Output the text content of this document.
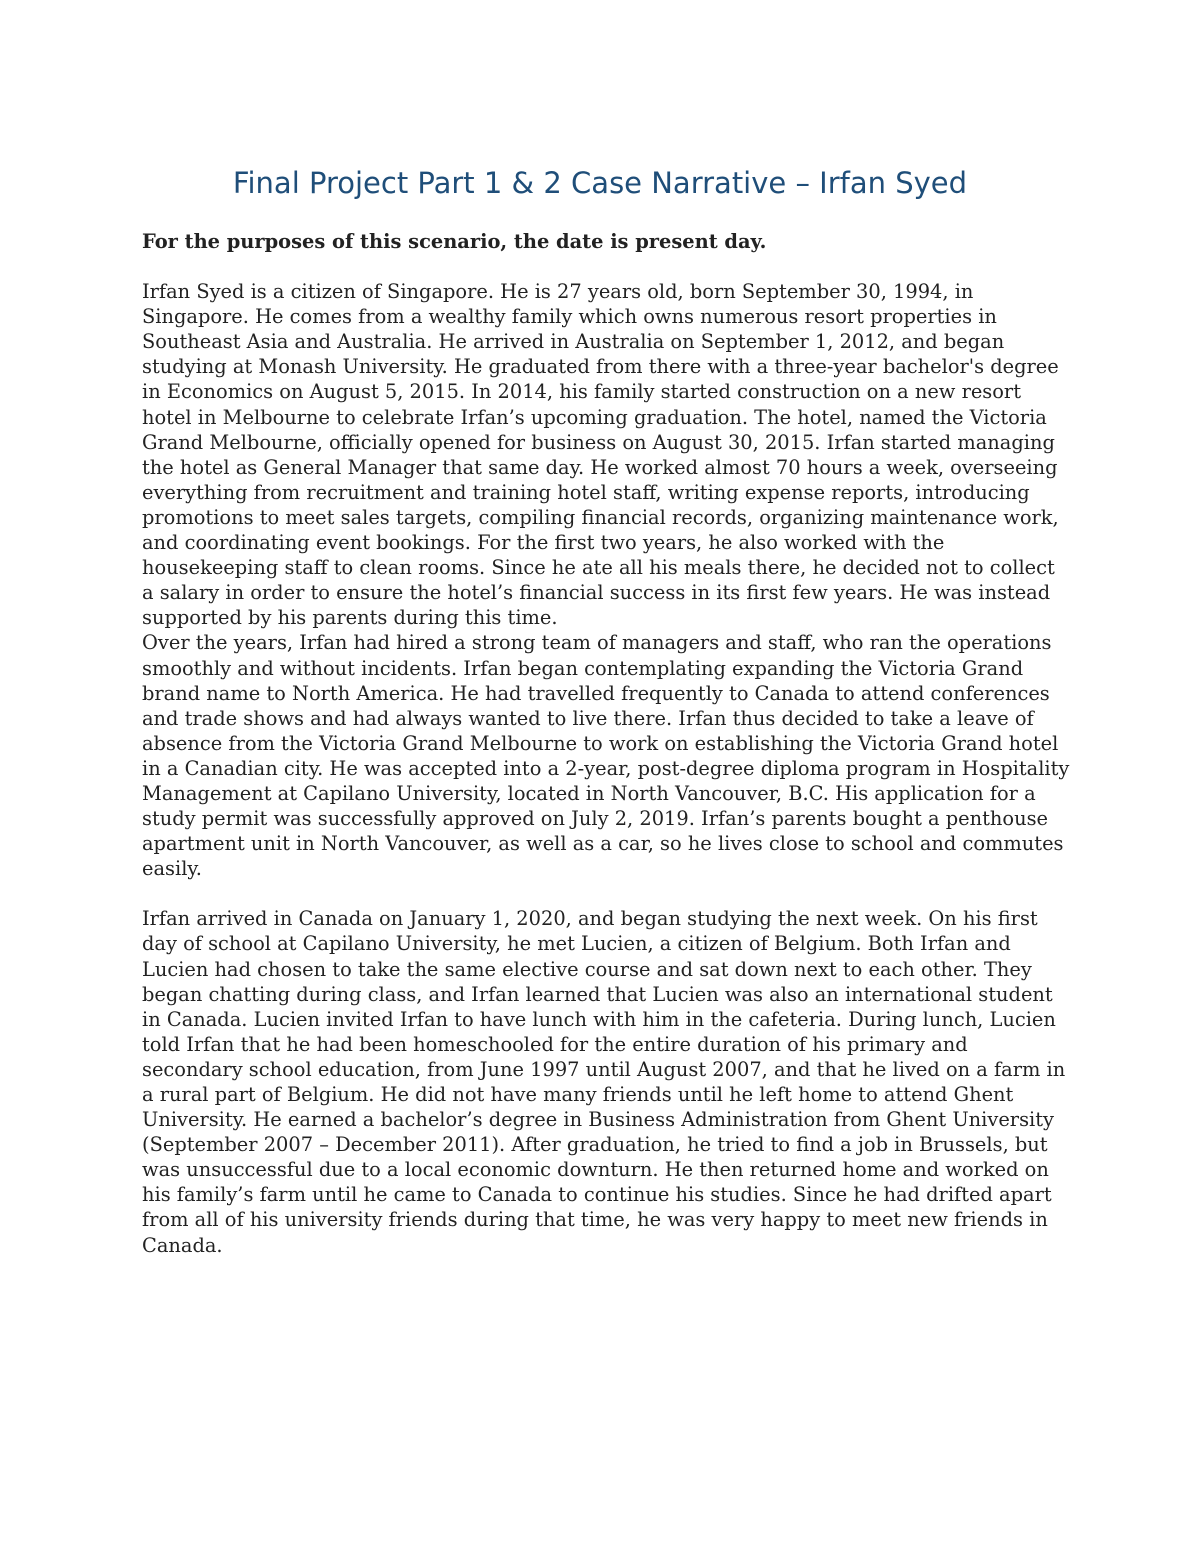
Final Project Part 1 & 2 Case Narrative – Irfan Syed

For the purposes of this scenario, the date is present day.

Irfan Syed is a citizen of Singapore. He is 27 years old, born September 30, 1994, in Singapore. He comes from a wealthy family which owns numerous resort properties in Southeast Asia and Australia. He arrived in Australia on September 1, 2012, and began studying at Monash University. He graduated from there with a three-year bachelor's degree in Economics on August 5, 2015. In 2014, his family started construction on a new resort hotel in Melbourne to celebrate Irfan’s upcoming graduation. The hotel, named the Victoria Grand Melbourne, officially opened for business on August 30, 2015. Irfan started managing the hotel as General Manager that same day. He worked almost 70 hours a week, overseeing everything from recruitment and training hotel staff, writing expense reports, introducing promotions to meet sales targets, compiling financial records, organizing maintenance work, and coordinating event bookings. For the first two years, he also worked with the housekeeping staff to clean rooms. Since he ate all his meals there, he decided not to collect a salary in order to ensure the hotel’s financial success in its first few years. He was instead supported by his parents during this time.

Over the years, Irfan had hired a strong team of managers and staff, who ran the operations smoothly and without incidents. Irfan began contemplating expanding the Victoria Grand brand name to North America. He had travelled frequently to Canada to attend conferences and trade shows and had always wanted to live there. Irfan thus decided to take a leave of absence from the Victoria Grand Melbourne to work on establishing the Victoria Grand hotel in a Canadian city. He was accepted into a 2-year, post-degree diploma program in Hospitality Management at Capilano University, located in North Vancouver, B.C. His application for a study permit was successfully approved on July 2, 2019. Irfan’s parents bought a penthouse apartment unit in North Vancouver, as well as a car, so he lives close to school and commutes easily.

Irfan arrived in Canada on January 1, 2020, and began studying the next week. On his first day of school at Capilano University, he met Lucien, a citizen of Belgium. Both Irfan and Lucien had chosen to take the same elective course and sat down next to each other. They began chatting during class, and Irfan learned that Lucien was also an international student in Canada. Lucien invited Irfan to have lunch with him in the cafeteria. During lunch, Lucien told Irfan that he had been homeschooled for the entire duration of his primary and secondary school education, from June 1997 until August 2007, and that he lived on a farm in a rural part of Belgium. He did not have many friends until he left home to attend Ghent University. He earned a bachelor’s degree in Business Administration from Ghent University (September 2007 – December 2011). After graduation, he tried to find a job in Brussels, but was unsuccessful due to a local economic downturn. He then returned home and worked on his family’s farm until he came to Canada to continue his studies. Since he had drifted apart from all of his university friends during that time, he was very happy to meet new friends in Canada.
